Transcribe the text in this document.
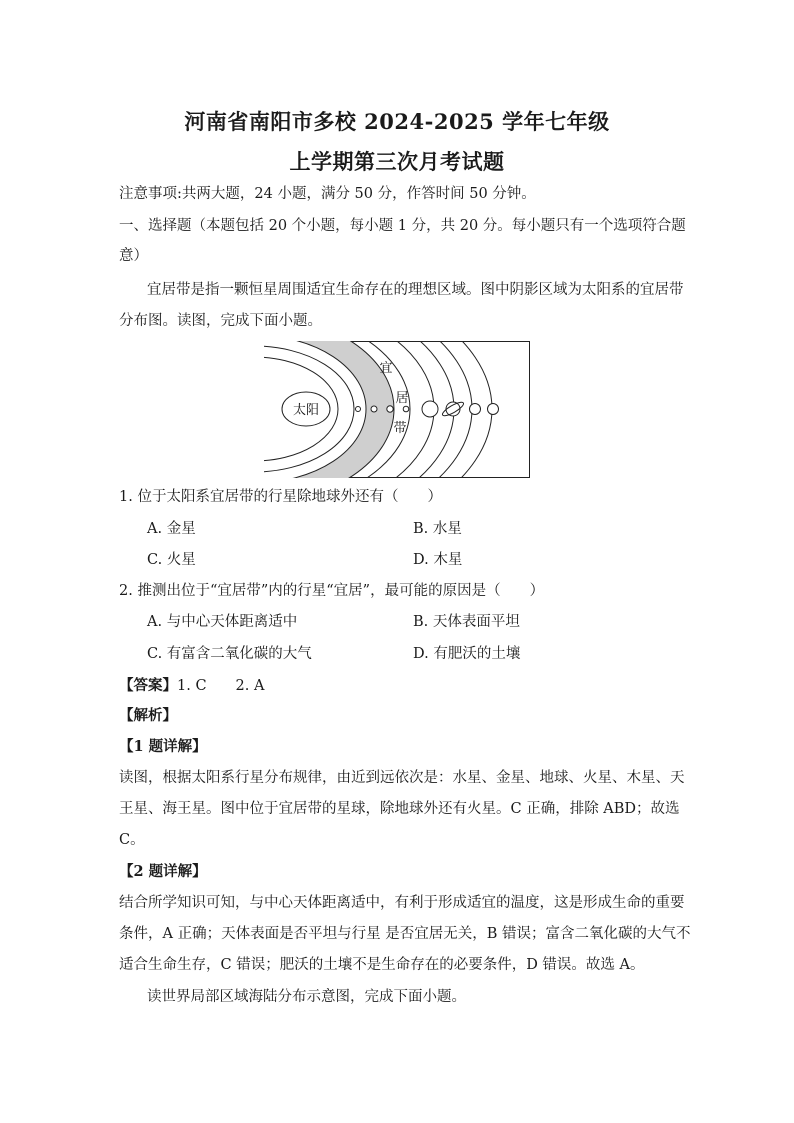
河南省南阳市多校 2024-2025 学年七年级
上学期第三次月考试题
注意事项:共两大题，24 小题，满分 50 分，作答时间 50 分钟。
一、选择题（本题包括 20 个小题，每小题 1 分，共 20 分。每小题只有一个选项符合题
意）
宜居带是指一颗恒星周围适宜生命存在的理想区域。图中阴影区域为太阳系的宜居带
分布图。读图，完成下面小题。
太阳
宜
居
带
1. 位于太阳系宜居带的行星除地球外还有（　　）
A. 金星	B. 水星
C. 火星	D. 木星
2. 推测出位于“宜居带”内的行星“宜居”，最可能的原因是（　　）
A. 与中心天体距离适中	B. 天体表面平坦
C. 有富含二氧化碳的大气	D. 有肥沃的土壤
【答案】1. C　　2. A
【解析】
【1 题详解】
读图，根据太阳系行星分布规律，由近到远依次是：水星、金星、地球、火星、木星、天
王星、海王星。图中位于宜居带的星球，除地球外还有火星。C 正确，排除 ABD；故选
C。
【2 题详解】
结合所学知识可知，与中心天体距离适中，有利于形成适宜的温度，这是形成生命的重要
条件，A 正确；天体表面是否平坦与行星 是否宜居无关，B 错误；富含二氧化碳的大气不
适合生命生存，C 错误；肥沃的土壤不是生命存在的必要条件，D 错误。故选 A。
读世界局部区域海陆分布示意图，完成下面小题。
